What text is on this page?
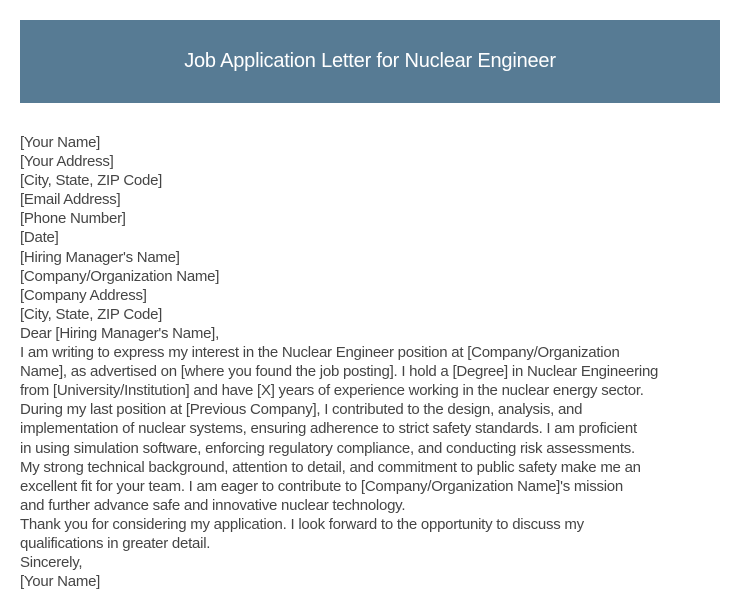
Job Application Letter for Nuclear Engineer
[Your Name]
[Your Address]
[City, State, ZIP Code]
[Email Address]
[Phone Number]
[Date]
[Hiring Manager's Name]
[Company/Organization Name]
[Company Address]
[City, State, ZIP Code]
Dear [Hiring Manager's Name],
I am writing to express my interest in the Nuclear Engineer position at [Company/Organization
Name], as advertised on [where you found the job posting]. I hold a [Degree] in Nuclear Engineering
from [University/Institution] and have [X] years of experience working in the nuclear energy sector.
During my last position at [Previous Company], I contributed to the design, analysis, and
implementation of nuclear systems, ensuring adherence to strict safety standards. I am proficient
in using simulation software, enforcing regulatory compliance, and conducting risk assessments.
My strong technical background, attention to detail, and commitment to public safety make me an
excellent fit for your team. I am eager to contribute to [Company/Organization Name]'s mission
and further advance safe and innovative nuclear technology.
Thank you for considering my application. I look forward to the opportunity to discuss my
qualifications in greater detail.
Sincerely,
[Your Name]
